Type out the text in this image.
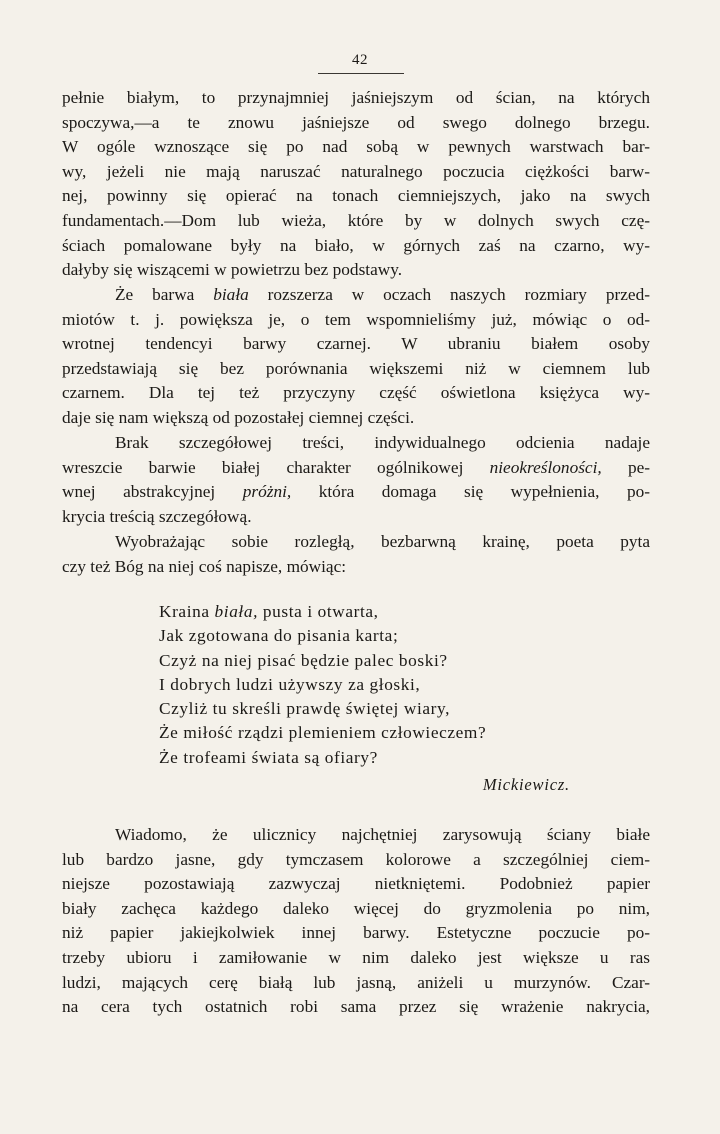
42
pełnie białym, to przynajmniej jaśniejszym od ścian, na których
spoczywa,—a te znowu jaśniejsze od swego dolnego brzegu.
W ogóle wznoszące się po nad sobą w pewnych warstwach bar-
wy, jeżeli nie mają naruszać naturalnego poczucia ciężkości barw-
nej, powinny się opierać na tonach ciemniejszych, jako na swych
fundamentach.—Dom lub wieża, które by w dolnych swych czę-
ściach pomalowane były na biało, w górnych zaś na czarno, wy-
dałyby się wiszącemi w powietrzu bez podstawy.
Że barwa biała rozszerza w oczach naszych rozmiary przed-
miotów t. j. powiększa je, o tem wspomnieliśmy już, mówiąc o od-
wrotnej tendencyi barwy czarnej. W ubraniu białem osoby
przedstawiają się bez porównania większemi niż w ciemnem lub
czarnem. Dla tej też przyczyny część oświetlona księżyca wy-
daje się nam większą od pozostałej ciemnej części.
Brak szczegółowej treści, indywidualnego odcienia nadaje
wreszcie barwie białej charakter ogólnikowej nieokreśloności, pe-
wnej abstrakcyjnej próżni, która domaga się wypełnienia, po-
krycia treścią szczegółową.
Wyobrażając sobie rozległą, bezbarwną krainę, poeta pyta
czy też Bóg na niej coś napisze, mówiąc:
Kraina biała, pusta i otwarta,
Jak zgotowana do pisania karta;
Czyż na niej pisać będzie palec boski?
I dobrych ludzi używszy za głoski,
Czyliż tu skreśli prawdę świętej wiary,
Że miłość rządzi plemieniem człowieczem?
Że trofeami świata są ofiary?
Mickiewicz.
Wiadomo, że ulicznicy najchętniej zarysowują ściany białe
lub bardzo jasne, gdy tymczasem kolorowe a szczególniej ciem-
niejsze pozostawiają zazwyczaj nietkniętemi. Podobnież papier
biały zachęca każdego daleko więcej do gryzmolenia po nim,
niż papier jakiejkolwiek innej barwy. Estetyczne poczucie po-
trzeby ubioru i zamiłowanie w nim daleko jest większe u ras
ludzi, mających cerę białą lub jasną, aniżeli u murzynów. Czar-
na cera tych ostatnich robi sama przez się wrażenie nakrycia,
